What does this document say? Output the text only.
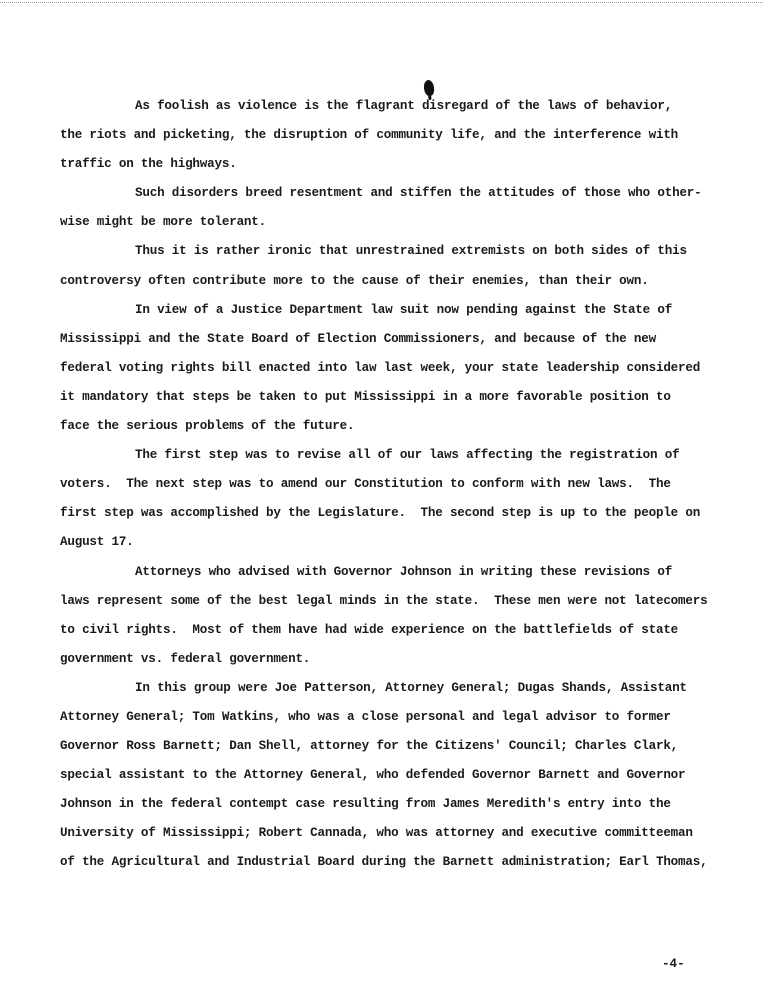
As foolish as violence is the flagrant disregard of the laws of behavior,
the riots and picketing, the disruption of community life, and the interference with
traffic on the highways.
Such disorders breed resentment and stiffen the attitudes of those who other-
wise might be more tolerant.
Thus it is rather ironic that unrestrained extremists on both sides of this
controversy often contribute more to the cause of their enemies, than their own.
In view of a Justice Department law suit now pending against the State of
Mississippi and the State Board of Election Commissioners, and because of the new
federal voting rights bill enacted into law last week, your state leadership considered
it mandatory that steps be taken to put Mississippi in a more favorable position to
face the serious problems of the future.
The first step was to revise all of our laws affecting the registration of
voters.  The next step was to amend our Constitution to conform with new laws.  The
first step was accomplished by the Legislature.  The second step is up to the people on
August 17.
Attorneys who advised with Governor Johnson in writing these revisions of
laws represent some of the best legal minds in the state.  These men were not latecomers
to civil rights.  Most of them have had wide experience on the battlefields of state
government vs. federal government.
In this group were Joe Patterson, Attorney General; Dugas Shands, Assistant
Attorney General; Tom Watkins, who was a close personal and legal advisor to former
Governor Ross Barnett; Dan Shell, attorney for the Citizens' Council; Charles Clark,
special assistant to the Attorney General, who defended Governor Barnett and Governor
Johnson in the federal contempt case resulting from James Meredith's entry into the
University of Mississippi; Robert Cannada, who was attorney and executive committeeman
of the Agricultural and Industrial Board during the Barnett administration; Earl Thomas,
-4-
